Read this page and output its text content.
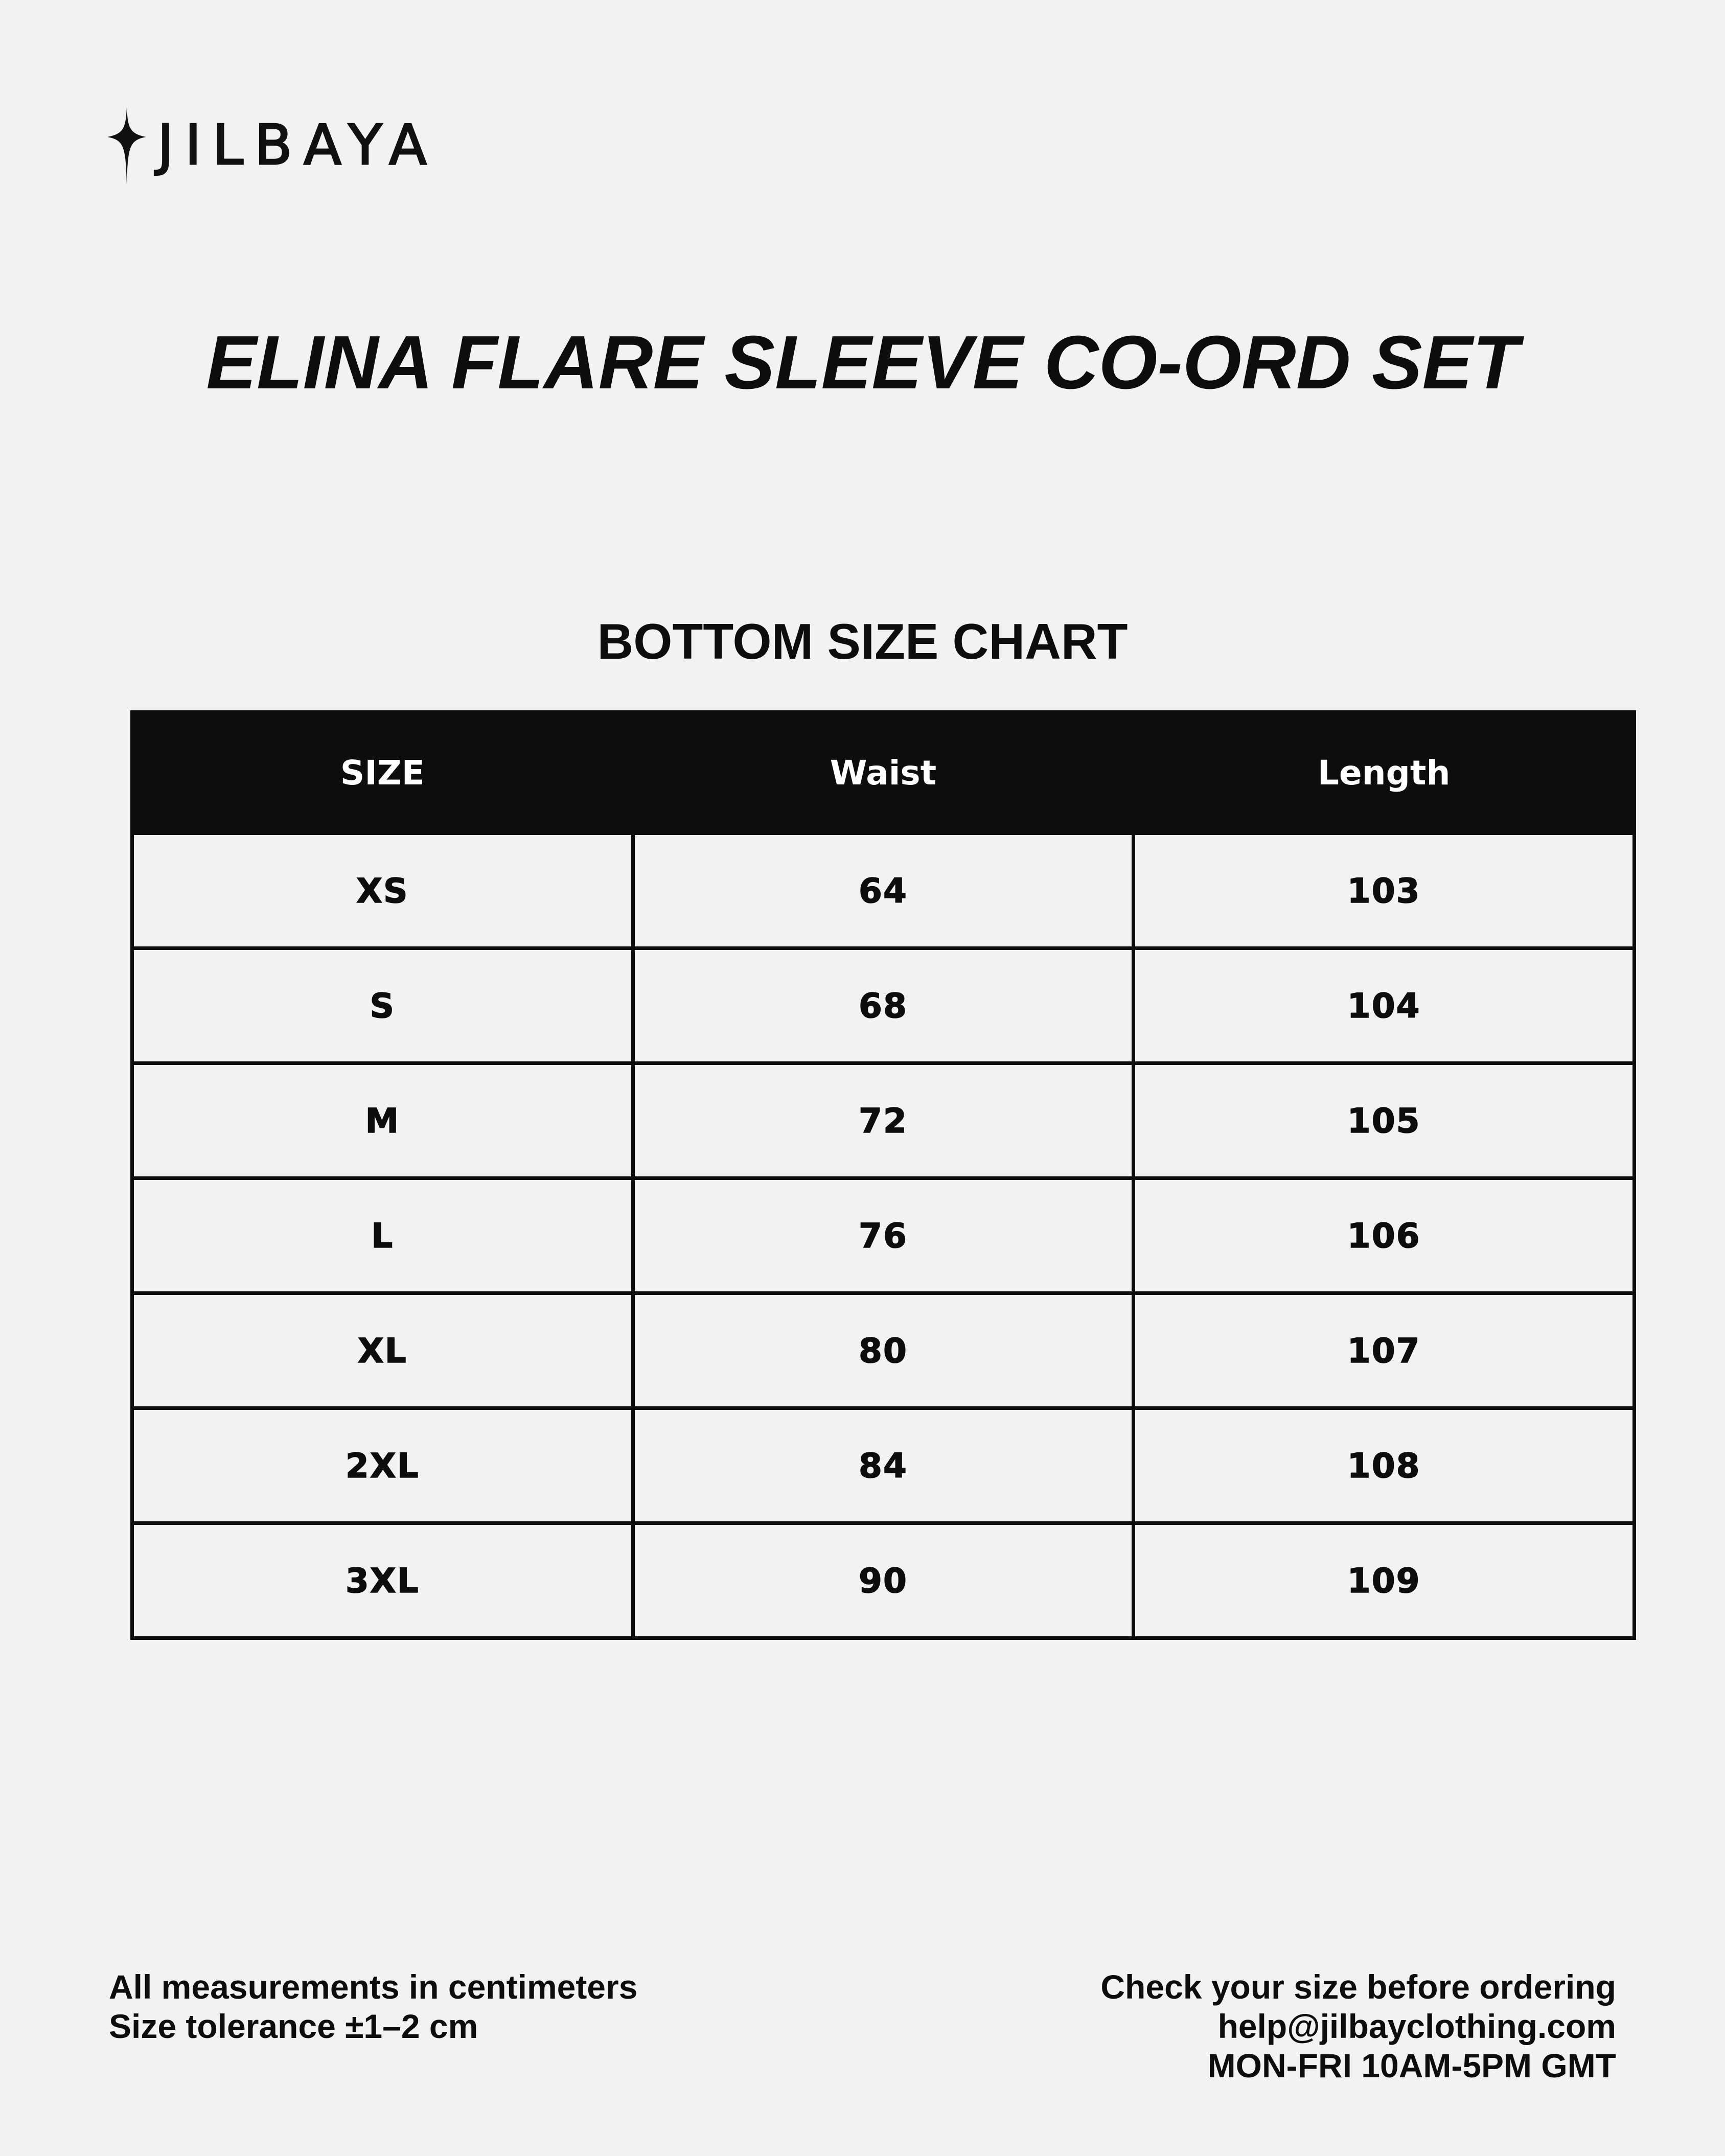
JILBAYA
ELINA FLARE SLEEVE CO-ORD SET
BOTTOM SIZE CHART
SIZE	Waist	Length
XS	64	103
S	68	104
M	72	105
L	76	106
XL	80	107
2XL	84	108
3XL	90	109
All measurements in centimeters
Size tolerance ±1–2 cm
Check your size before ordering
help@jilbayclothing.com
MON-FRI 10AM-5PM GMT
